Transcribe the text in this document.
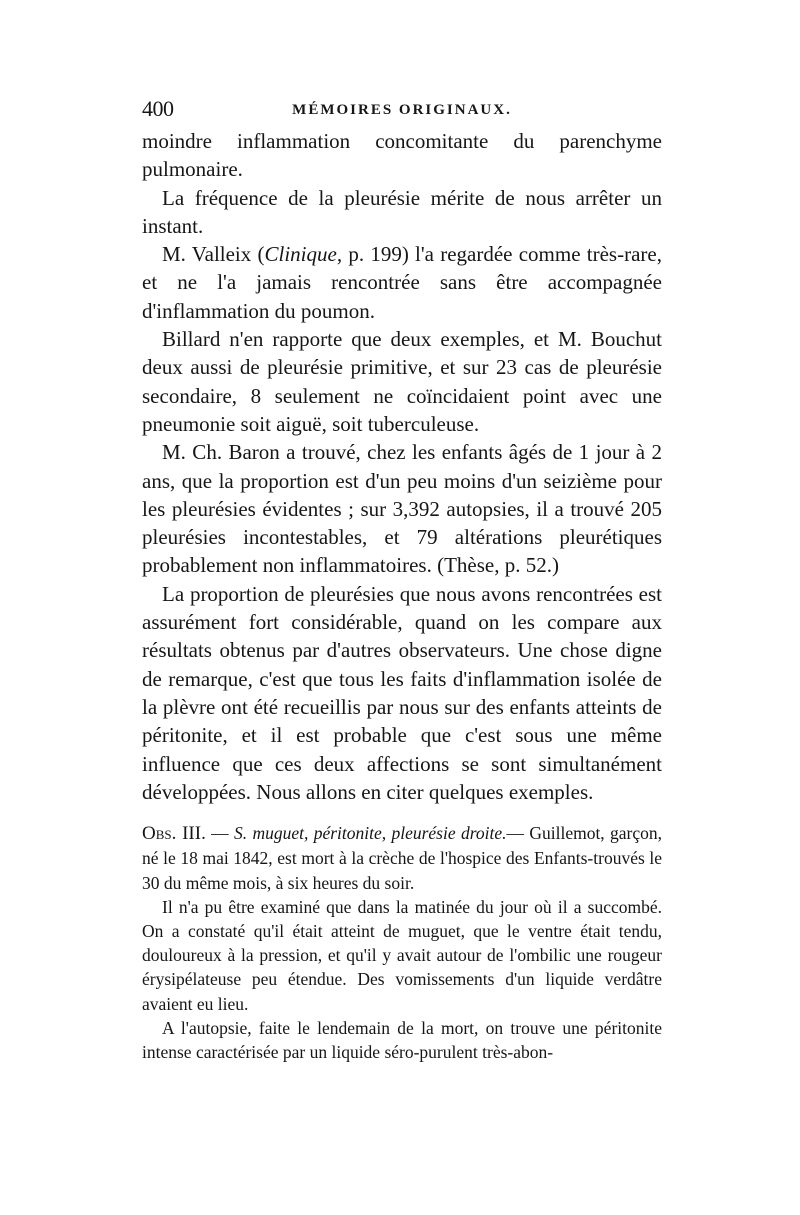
400	MÉMOIRES ORIGINAUX.

moindre inflammation concomitante du parenchyme pulmonaire.

La fréquence de la pleurésie mérite de nous arrêter un instant.

M. Valleix (Clinique, p. 199) l'a regardée comme très-rare, et ne l'a jamais rencontrée sans être accompagnée d'inflammation du poumon.

Billard n'en rapporte que deux exemples, et M. Bouchut deux aussi de pleurésie primitive, et sur 23 cas de pleurésie secondaire, 8 seulement ne coïncidaient point avec une pneumonie soit aiguë, soit tuberculeuse.

M. Ch. Baron a trouvé, chez les enfants âgés de 1 jour à 2 ans, que la proportion est d'un peu moins d'un seizième pour les pleurésies évidentes ; sur 3,392 autopsies, il a trouvé 205 pleurésies incontestables, et 79 altérations pleurétiques probablement non inflammatoires. (Thèse, p. 52.)

La proportion de pleurésies que nous avons rencontrées est assurément fort considérable, quand on les compare aux résultats obtenus par d'autres observateurs. Une chose digne de remarque, c'est que tous les faits d'inflammation isolée de la plèvre ont été recueillis par nous sur des enfants atteints de péritonite, et il est probable que c'est sous une même influence que ces deux affections se sont simultanément développées. Nous allons en citer quelques exemples.

Obs. III. — S. muguet, péritonite, pleurésie droite.— Guillemot, garçon, né le 18 mai 1842, est mort à la crèche de l'hospice des Enfants-trouvés le 30 du même mois, à six heures du soir.

Il n'a pu être examiné que dans la matinée du jour où il a succombé. On a constaté qu'il était atteint de muguet, que le ventre était tendu, douloureux à la pression, et qu'il y avait autour de l'ombilic une rougeur érysipélateuse peu étendue. Des vomissements d'un liquide verdâtre avaient eu lieu.

A l'autopsie, faite le lendemain de la mort, on trouve une péritonite intense caractérisée par un liquide séro-purulent très-abon-
